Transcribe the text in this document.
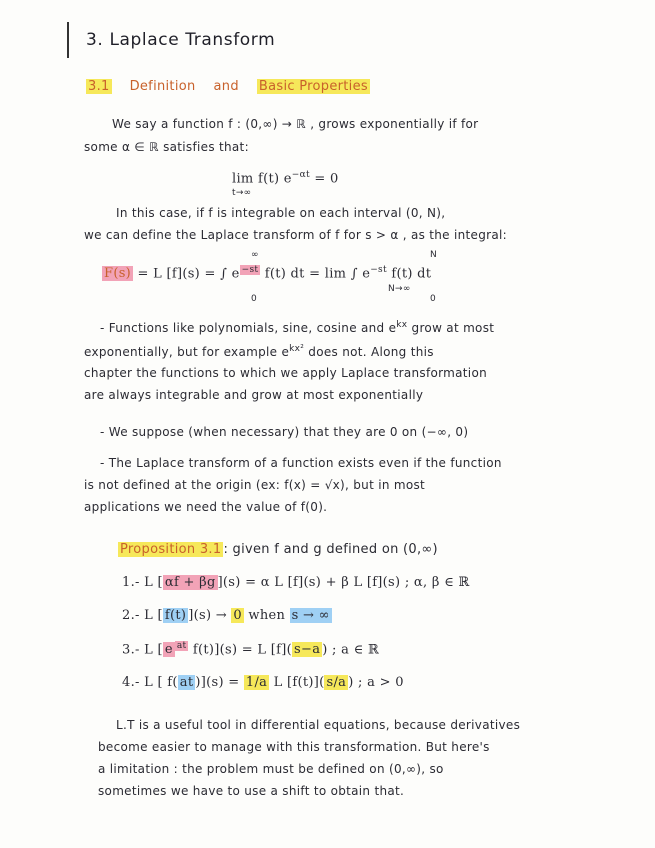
3. Laplace Transform
3.1 Definition and Basic Properties
We say a function f : (0,∞) → ℝ , grows exponentially if for
some α ∈ ℝ satisfies that:
lim f(t) $e^{-\alpha t} = 0$
t→∞
In this case, if f is integrable on each interval (0, N),
we can define the Laplace transform of f for s > α , as the integral:
∞	N
F(s) = L [f](s) = ∫ e $^{-st}$ f(t) dt = lim ∫ $e^{-st}$ f(t) dt
N→∞
0	0
- Functions like polynomials, sine, cosine and $e^{kx}$ grow at most
exponentially, but for example $e^{kx^2}$ does not. Along this
chapter the functions to which we apply Laplace transformation
are always integrable and grow at most exponentially
- We suppose (when necessary) that they are 0 on (−∞, 0)
- The Laplace transform of a function exists even if the function
is not defined at the origin (ex: f(x) = √x), but in most
applications we need the value of f(0).
Proposition 3.1 : given f and g defined on (0,∞)
1.- L [ αf + βg ](s) = α L [f](s) + β L [f](s) ; α, β ∈ ℝ
2.- L [ f(t) ](s) → 0 when s → ∞
3.- L [ e $^{at}$ f(t)](s) = L [f]( s−a ) ; a ∈ ℝ
4.- L [ f( at )](s) = 1/a L [f(t)]( s/a ) ; a > 0
L.T is a useful tool in differential equations, because derivatives
become easier to manage with this transformation. But here's
a limitation : the problem must be defined on (0,∞), so
sometimes we have to use a shift to obtain that.
